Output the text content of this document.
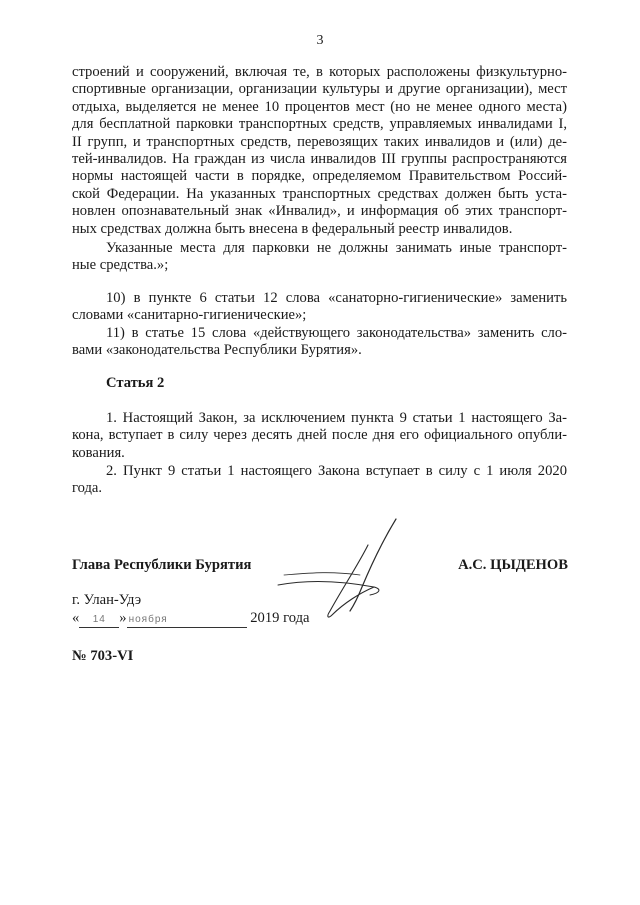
3
строений и сооружений, включая те, в которых расположены физкультурно-
спортивные организации, организации культуры и другие организации), мест
отдыха, выделяется не менее 10 процентов мест (но не менее одного места)
для бесплатной парковки транспортных средств, управляемых инвалидами I,
II групп, и транспортных средств, перевозящих таких инвалидов и (или) де-
тей-инвалидов. На граждан из числа инвалидов III группы распространяются
нормы настоящей части в порядке, определяемом Правительством Россий-
ской Федерации. На указанных транспортных средствах должен быть уста-
новлен опознавательный знак «Инвалид», и информация об этих транспорт-
ных средствах должна быть внесена в федеральный реестр инвалидов.
Указанные места для парковки не должны занимать иные транспорт-
ные средства.»;
10) в пункте 6 статьи 12 слова «санаторно-гигиенические» заменить
словами «санитарно-гигиенические»;
11) в статье 15 слова «действующего законодательства» заменить сло-
вами «законодательства Республики Бурятия».
Статья 2
1. Настоящий Закон, за исключением пункта 9 статьи 1 настоящего За-
кона, вступает в силу через десять дней после дня его официального опубли-
кования.
2. Пункт 9 статьи 1 настоящего Закона вступает в силу с 1 июля 2020
года.
Глава Республики Бурятия	А.С. ЦЫДЕНОВ
г. Улан-Удэ
« 14 » ноября	2019 года
№ 703-VI
